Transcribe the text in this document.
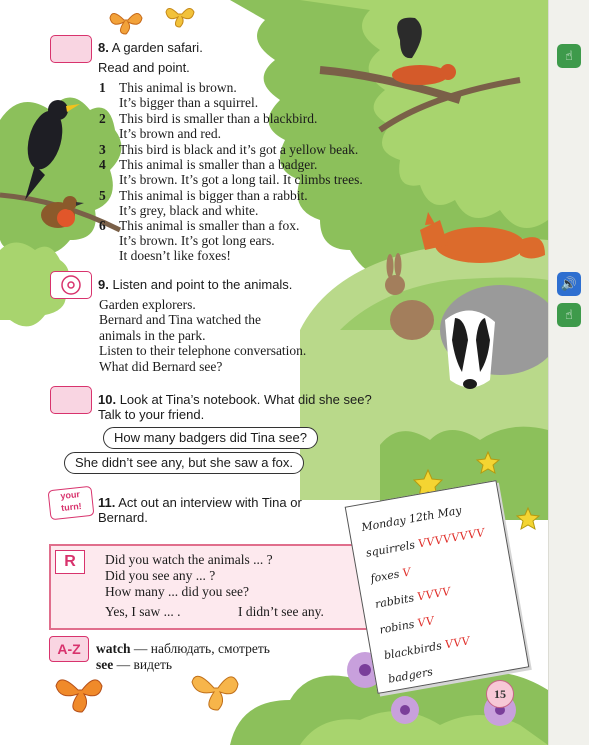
8. A garden safari.
Read and point.
1 This animal is brown.
It’s bigger than a squirrel.
2 This bird is smaller than a blackbird.
It’s brown and red.
3 This bird is black and it’s got a yellow beak.
4 This animal is smaller than a badger.
It’s brown. It’s got a long tail. It climbs trees.
5 This animal is bigger than a rabbit.
It’s grey, black and white.
6 This animal is smaller than a fox.
It’s brown. It’s got long ears.
It doesn’t like foxes!
9. Listen and point to the animals.
Garden explorers.
Bernard and Tina watched the
animals in the park.
Listen to their telephone conversation.
What did Bernard see?
10. Look at Tina’s notebook. What did she see?
Talk to your friend.
How many badgers did Tina see?
She didn’t see any, but she saw a fox.
your turn!	11. Act out an interview with Tina or
Bernard.
R	Did you watch the animals ... ?
Did you see any ... ?
How many ... did you see?
Yes, I saw ... .	I didn’t see any.
A-Z	watch — наблюдать, смотреть
see — видеть
Monday 12th May
squirrels VVVVVVVV
foxes V
rabbits VVVV
robins VV
blackbirds VVV
badgers
15
☝
🔊
☝
